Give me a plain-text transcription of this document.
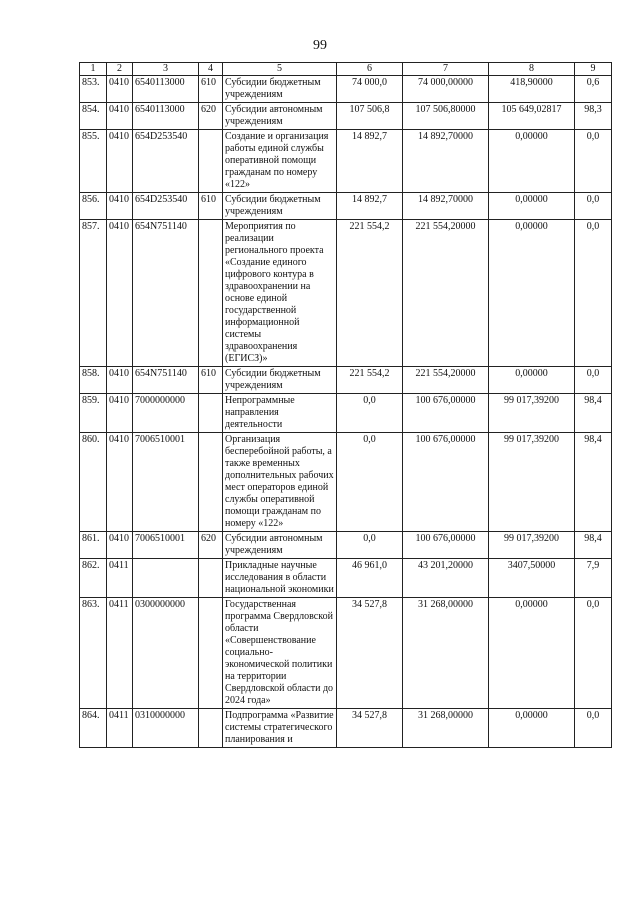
99
1	2	3	4	5	6	7	8	9
853.	0410	6540113000	610	Субсидии бюджетным учреждениям	74 000,0	74 000,00000	418,90000	0,6
854.	0410	6540113000	620	Субсидии автономным учреждениям	107 506,8	107 506,80000	105 649,02817	98,3
855.	0410	654D253540		Создание и организация работы единой службы оперативной помощи гражданам по номеру «122»	14 892,7	14 892,70000	0,00000	0,0
856.	0410	654D253540	610	Субсидии бюджетным учреждениям	14 892,7	14 892,70000	0,00000	0,0
857.	0410	654N751140		Мероприятия по реализации регионального проекта «Создание единого цифрового контура в здравоохранении на основе единой государственной информационной системы здравоохранения (ЕГИСЗ)»	221 554,2	221 554,20000	0,00000	0,0
858.	0410	654N751140	610	Субсидии бюджетным учреждениям	221 554,2	221 554,20000	0,00000	0,0
859.	0410	7000000000		Непрограммные направления деятельности	0,0	100 676,00000	99 017,39200	98,4
860.	0410	7006510001		Организация бесперебойной работы, а также временных дополнительных рабочих мест операторов единой службы оперативной помощи гражданам по номеру «122»	0,0	100 676,00000	99 017,39200	98,4
861.	0410	7006510001	620	Субсидии автономным учреждениям	0,0	100 676,00000	99 017,39200	98,4
862.	0411			Прикладные научные исследования в области национальной экономики	46 961,0	43 201,20000	3407,50000	7,9
863.	0411	0300000000		Государственная программа Свердловской области «Совершенствование социально-экономической политики на территории Свердловской области до 2024 года»	34 527,8	31 268,00000	0,00000	0,0
864.	0411	0310000000		Подпрограмма «Развитие системы стратегического планирования и	34 527,8	31 268,00000	0,00000	0,0
